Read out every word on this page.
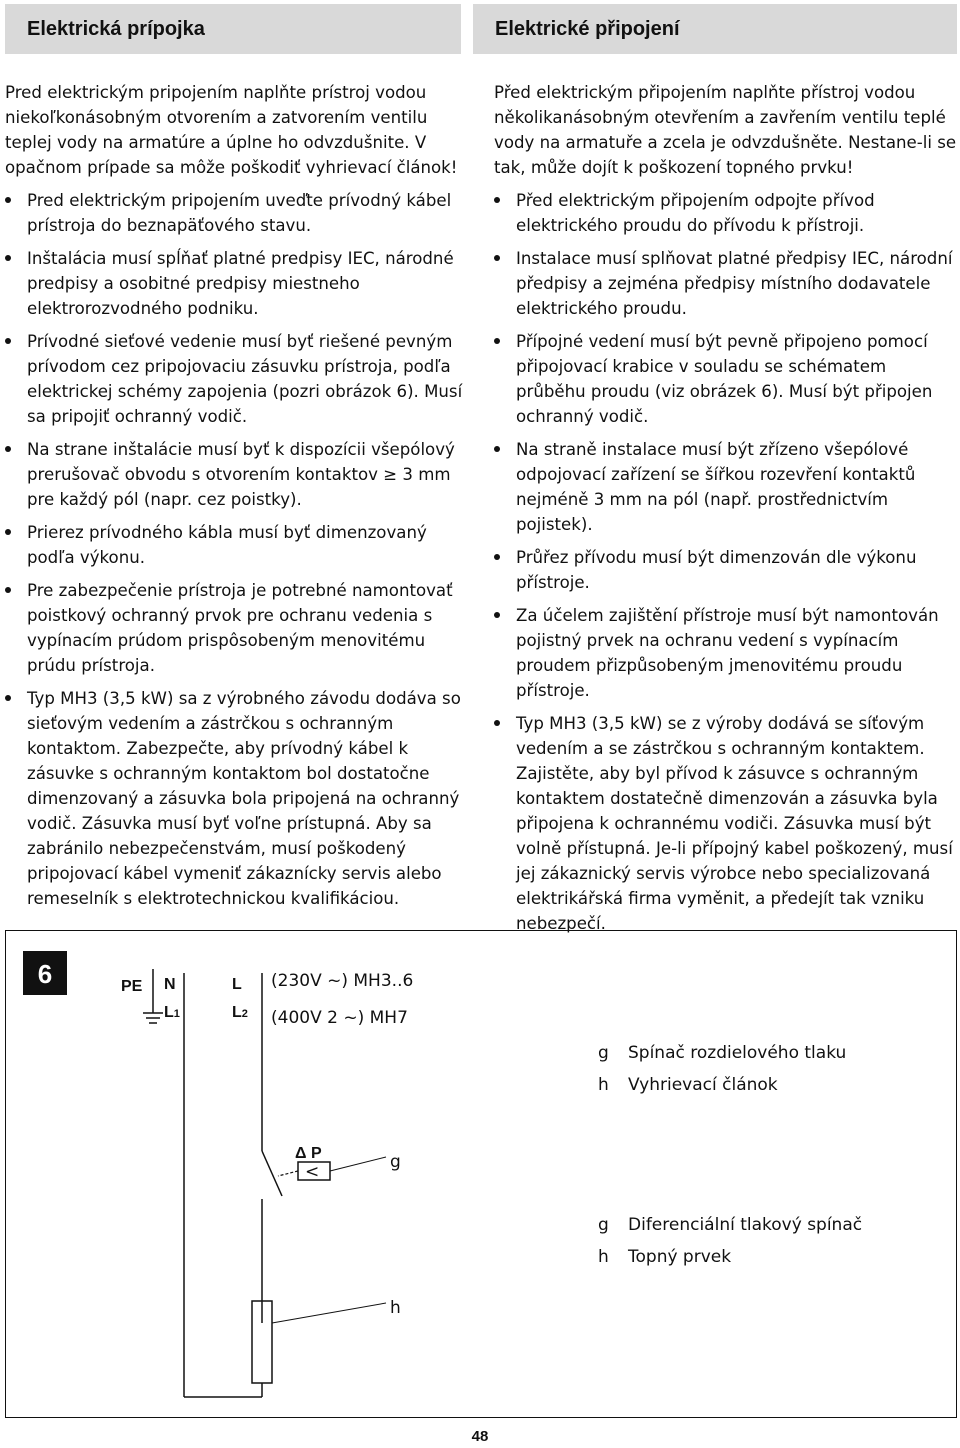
Elektrická prípojka	Elektrické připojení

Pred elektrickým pripojením naplňte prístroj vodou niekoľkonásobným otvorením a zatvorením ventilu teplej vody na armatúre a úplne ho odvzdušnite. V opačnom prípade sa môže poškodiť vyhrievací článok!

Pred elektrickým pripojením uveďte prívodný kábel prístroja do beznapäťového stavu.
Inštalácia musí spĺňať platné predpisy IEC, národné predpisy a osobitné predpisy miestneho elektrorozvodného podniku.
Prívodné sieťové vedenie musí byť riešené pevným prívodom cez pripojovaciu zásuvku prístroja, podľa elektrickej schémy zapojenia (pozri obrázok 6). Musí sa pripojiť ochranný vodič.
Na strane inštalácie musí byť k dispozícii všepólový prerušovač obvodu s otvorením kontaktov ≥ 3 mm pre každý pól (napr. cez poistky).
Prierez prívodného kábla musí byť dimenzovaný podľa výkonu.
Pre zabezpečenie prístroja je potrebné namontovať poistkový ochranný prvok pre ochranu vedenia s vypínacím prúdom prispôsobeným menovitému prúdu prístroja.
Typ MH3 (3,5 kW) sa z výrobného závodu dodáva so sieťovým vedením a zástrčkou s ochranným kontaktom. Zabezpečte, aby prívodný kábel k zásuvke s ochranným kontaktom bol dostatočne dimenzovaný a zásuvka bola pripojená na ochranný vodič. Zásuvka musí byť voľne prístupná. Aby sa zabránilo nebezpečenstvám, musí poškodený pripojovací kábel vymeniť zákaznícky servis alebo remeselník s elektrotechnickou kvalifikáciou.

Před elektrickým připojením naplňte přístroj vodou několikanásobným otevřením a zavřením ventilu teplé vody na armatuře a zcela je odvzdušněte. Nestane-li se tak, může dojít k poškození topného prvku!

Před elektrickým připojením odpojte přívod elektrického proudu do přívodu k přístroji.
Instalace musí splňovat platné předpisy IEC, národní předpisy a zejména předpisy místního dodavatele elektrického proudu.
Přípojné vedení musí být pevně připojeno pomocí připojovací krabice v souladu se schématem průběhu proudu (viz obrázek 6). Musí být připojen ochranný vodič.
Na straně instalace musí být zřízeno všepólové odpojovací zařízení se šířkou rozevření kontaktů nejméně 3 mm na pól (např. prostřednictvím pojistek).
Průřez přívodu musí být dimenzován dle výkonu přístroje.
Za účelem zajištění přístroje musí být namontován pojistný prvek na ochranu vedení s vypínacím proudem přizpůsobeným jmenovitému proudu přístroje.
Typ MH3 (3,5 kW) se z výroby dodává se síťovým vedením a se zástrčkou s ochranným kontaktem. Zajistěte, aby byl přívod k zásuvce s ochranným kontaktem dostatečně dimenzován a zásuvka byla připojena k ochrannému vodiči. Zásuvka musí být volně přístupná. Je-li přípojný kabel poškozený, musí jej zákaznický servis výrobce nebo specializovaná elektrikářská firma vyměnit, a předejít tak vzniku nebezpečí.
6	PE N
L1
L
L2
(230V ~) MH3..6
(400V 2 ~) MH7
Δ P
<	g
h
g Spínač rozdielového tlaku
h Vyhrievací článok
g Diferenciální tlakový spínač
h Topný prvek
48
